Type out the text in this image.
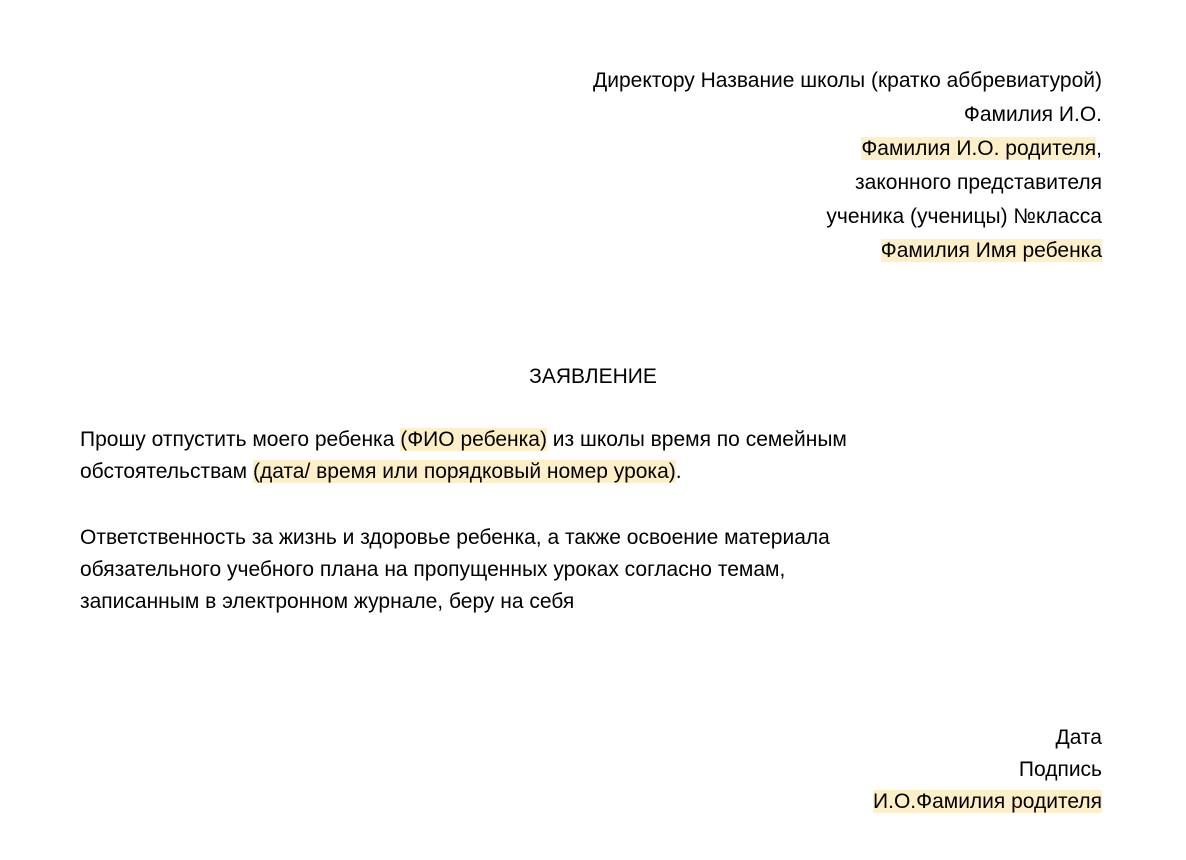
Директору Название школы (кратко аббревиатурой)
Фамилия И.О.
Фамилия И.О. родителя,
законного представителя
ученика (ученицы) №класса
Фамилия Имя ребенка
ЗАЯВЛЕНИЕ
Прошу отпустить моего ребенка (ФИО ребенка) из школы время по семейным
обстоятельствам (дата/ время или порядковый номер урока).
Ответственность за жизнь и здоровье ребенка, а также освоение материала
обязательного учебного плана на пропущенных уроках согласно темам,
записанным в электронном журнале, беру на себя
Дата
Подпись
И.О.Фамилия родителя
